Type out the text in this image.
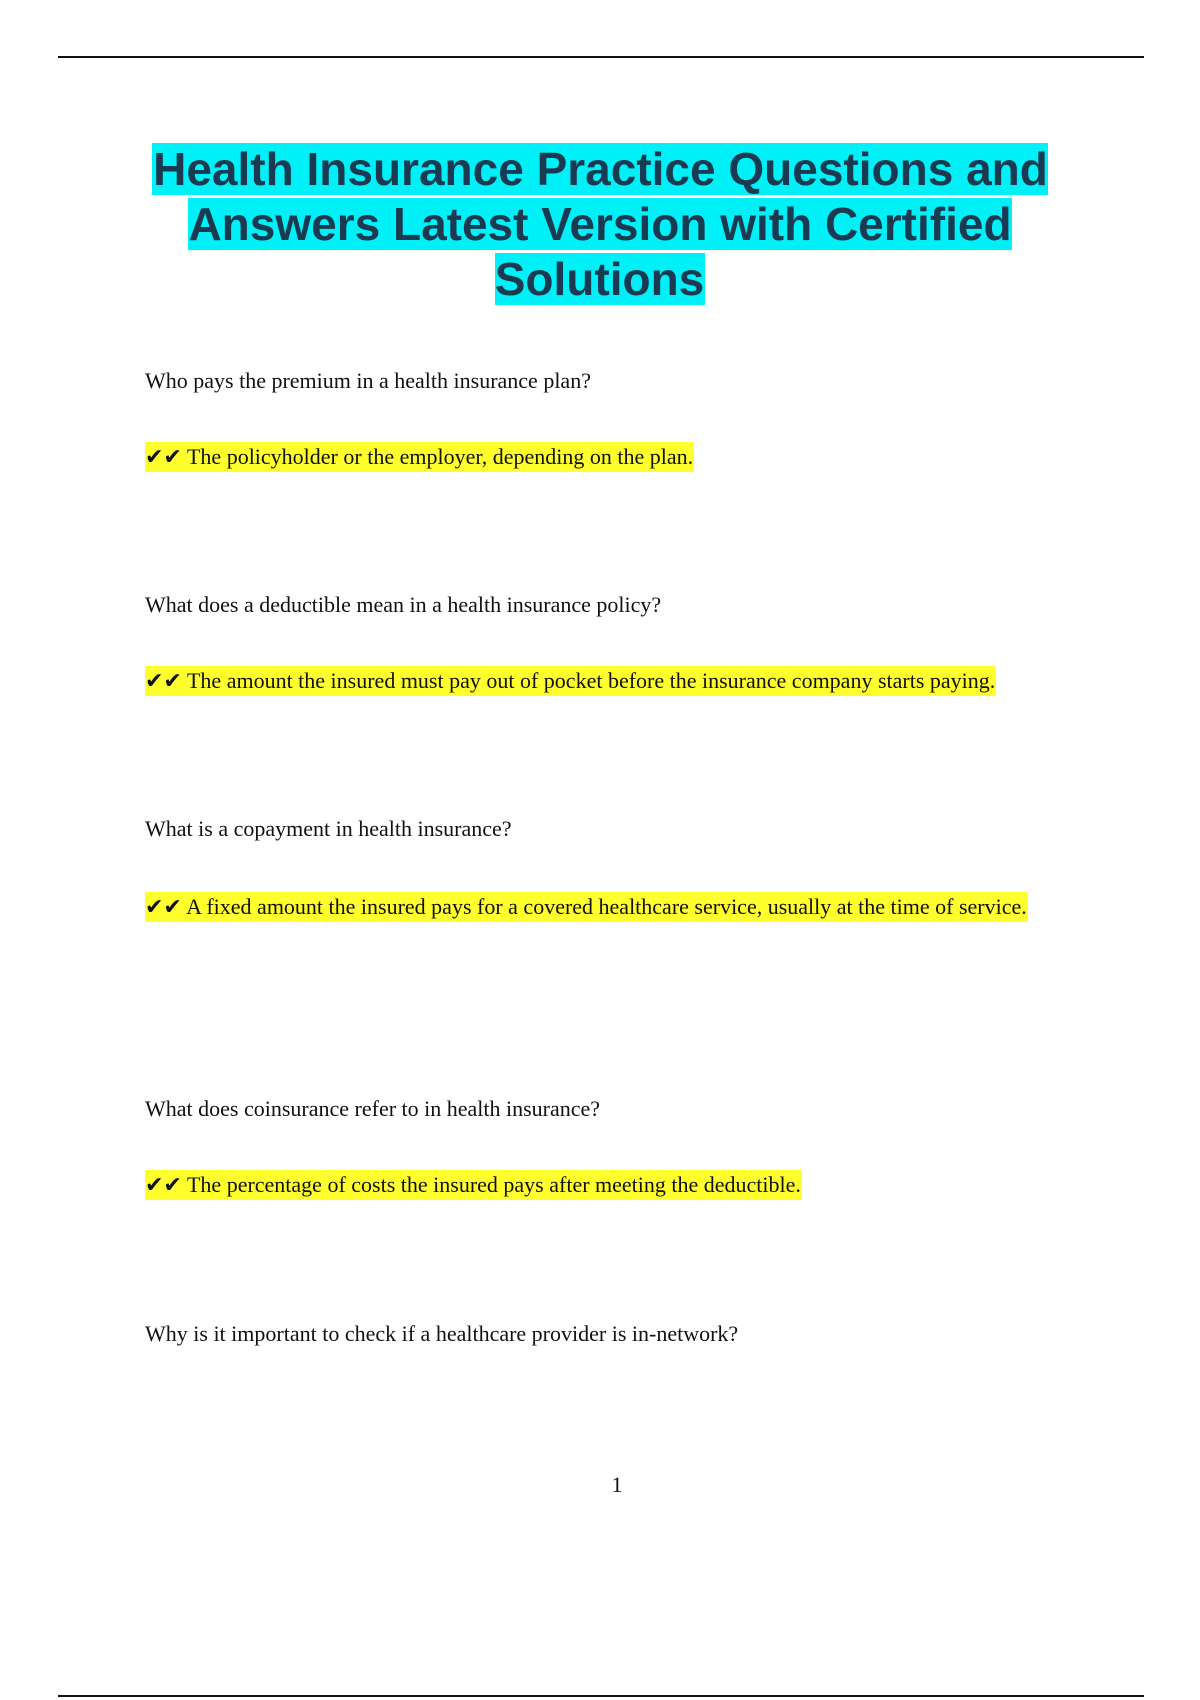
Health Insurance Practice Questions and Answers Latest Version with Certified Solutions

Who pays the premium in a health insurance plan?

✔✔ The policyholder or the employer, depending on the plan.

What does a deductible mean in a health insurance policy?

✔✔ The amount the insured must pay out of pocket before the insurance company starts paying.

What is a copayment in health insurance?

✔✔ A fixed amount the insured pays for a covered healthcare service, usually at the time of service.

What does coinsurance refer to in health insurance?

✔✔ The percentage of costs the insured pays after meeting the deductible.

Why is it important to check if a healthcare provider is in-network?

1
